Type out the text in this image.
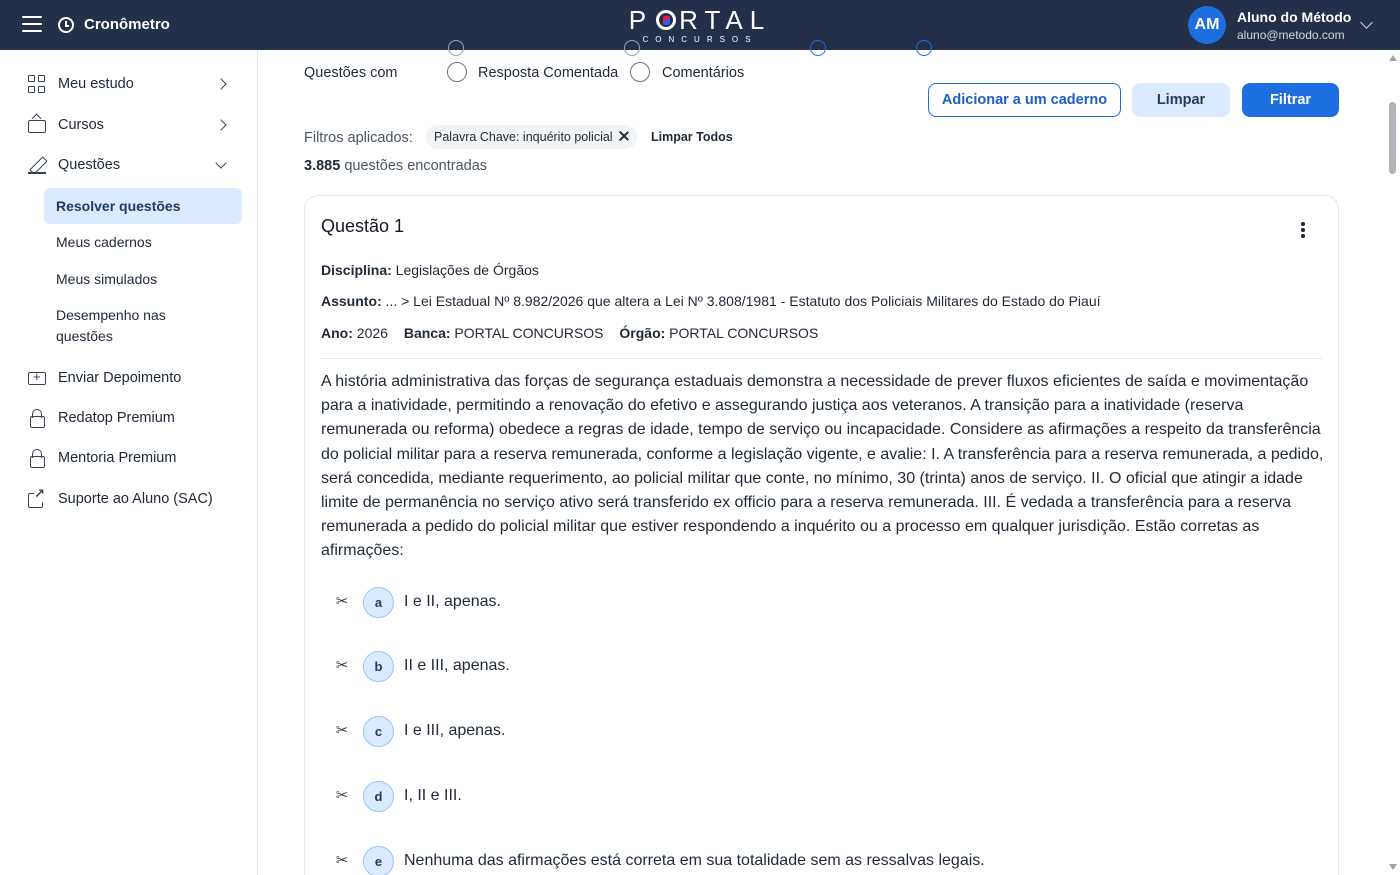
Cronômetro	P RTAL
CONCURSOS
AM	Aluno do Método
aluno@metodo.com
Meu estudo
Cursos
Questões
Resolver questões
Meus cadernos
Meus simulados
Desempenho nas questões
+
Enviar Depoimento
Redatop Premium
Mentoria Premium
↗
Suporte ao Aluno (SAC)
Questões com	Resposta Comentada	Comentários
Adicionar a um caderno	Limpar	Filtrar
Filtros aplicados: Palavra Chave: inquérito policial	Limpar Todos
3.885 questões encontradas
Questão 1
Disciplina: Legislações de Órgãos
Assunto: ... > Lei Estadual Nº 8.982/2026 que altera a Lei Nº 3.808/1981 - Estatuto dos Policiais Militares do Estado do Piauí
Ano: 2026 Banca: PORTAL CONCURSOS Órgão: PORTAL CONCURSOS
A história administrativa das forças de segurança estaduais demonstra a necessidade de prever fluxos eficientes de saída e movimentação para a inatividade, permitindo a renovação do efetivo e assegurando justiça aos veteranos. A transição para a inatividade (reserva remunerada ou reforma) obedece a regras de idade, tempo de serviço ou incapacidade. Considere as afirmações a respeito da transferência do policial militar para a reserva remunerada, conforme a legislação vigente, e avalie: I. A transferência para a reserva remunerada, a pedido, será concedida, mediante requerimento, ao policial militar que conte, no mínimo, 30 (trinta) anos de serviço. II. O oficial que atingir a idade limite de permanência no serviço ativo será transferido ex officio para a reserva remunerada. III. É vedada a transferência para a reserva remunerada a pedido do policial militar que estiver respondendo a inquérito ou a processo em qualquer jurisdição. Estão corretas as afirmações:
✂	a	I e II, apenas.
✂	b	II e III, apenas.
✂	c	I e III, apenas.
✂	d	I, II e III.
✂	e	Nenhuma das afirmações está correta em sua totalidade sem as ressalvas legais.
